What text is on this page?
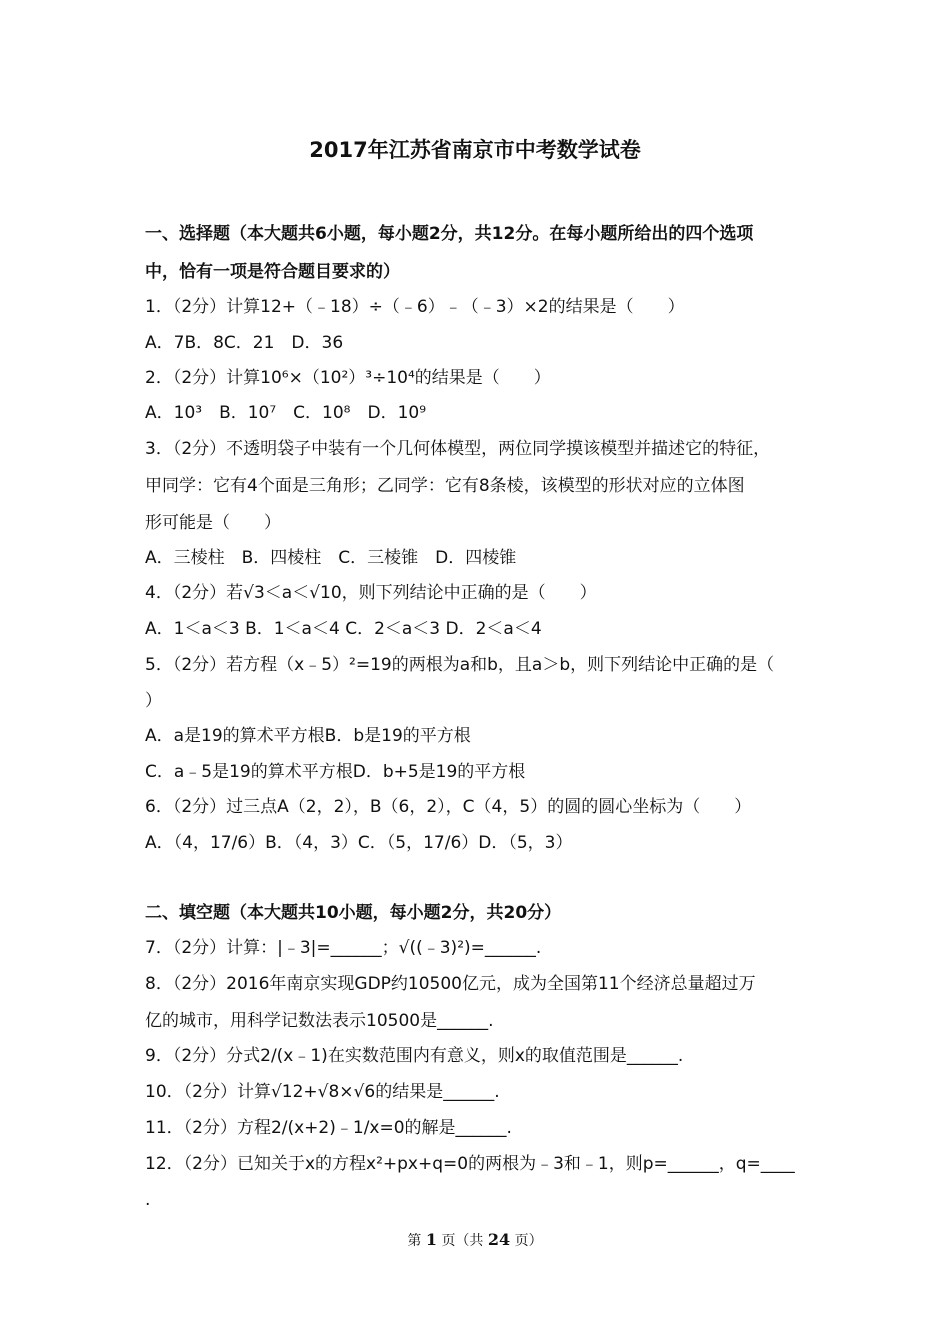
2017年江苏省南京市中考数学试卷
一、选择题（本大题共6小题，每小题2分，共12分。在每小题所给出的四个选项
中，恰有一项是符合题目要求的）
1．（2分）计算12+（﹣18）÷（﹣6）﹣（﹣3）×2的结果是（　　）
A．7B．8C．21　D．36
2．（2分）计算10⁶×（10²）³÷10⁴的结果是（　　）
A．10³　B．10⁷　C．10⁸　D．10⁹
3．（2分）不透明袋子中装有一个几何体模型，两位同学摸该模型并描述它的特征，
甲同学：它有4个面是三角形；乙同学：它有8条棱，该模型的形状对应的立体图
形可能是（　　）
A．三棱柱　B．四棱柱　C．三棱锥　D．四棱锥
4．（2分）若√3＜a＜√10，则下列结论中正确的是（　　）
A．1＜a＜3 B．1＜a＜4 C．2＜a＜3 D．2＜a＜4
5．（2分）若方程（x﹣5）²=19的两根为a和b，且a＞b，则下列结论中正确的是（
）
A．a是19的算术平方根B．b是19的平方根
C．a﹣5是19的算术平方根D．b+5是19的平方根
6．（2分）过三点A（2，2），B（6，2），C（4，5）的圆的圆心坐标为（　　）
A．（4，17/6）B．（4，3）C．（5，17/6）D．（5，3）
二、填空题（本大题共10小题，每小题2分，共20分）
7．（2分）计算：|﹣3|=______；√((﹣3)²)=______.
8．（2分）2016年南京实现GDP约10500亿元，成为全国第11个经济总量超过万
亿的城市，用科学记数法表示10500是______.
9．（2分）分式2/(x﹣1)在实数范围内有意义，则x的取值范围是______.
10．（2分）计算√12+√8×√6的结果是______.
11．（2分）方程2/(x+2)﹣1/x=0的解是______.
12．（2分）已知关于x的方程x²+px+q=0的两根为﹣3和﹣1，则p=______，q=____
.
第 1 页（共 24 页）
